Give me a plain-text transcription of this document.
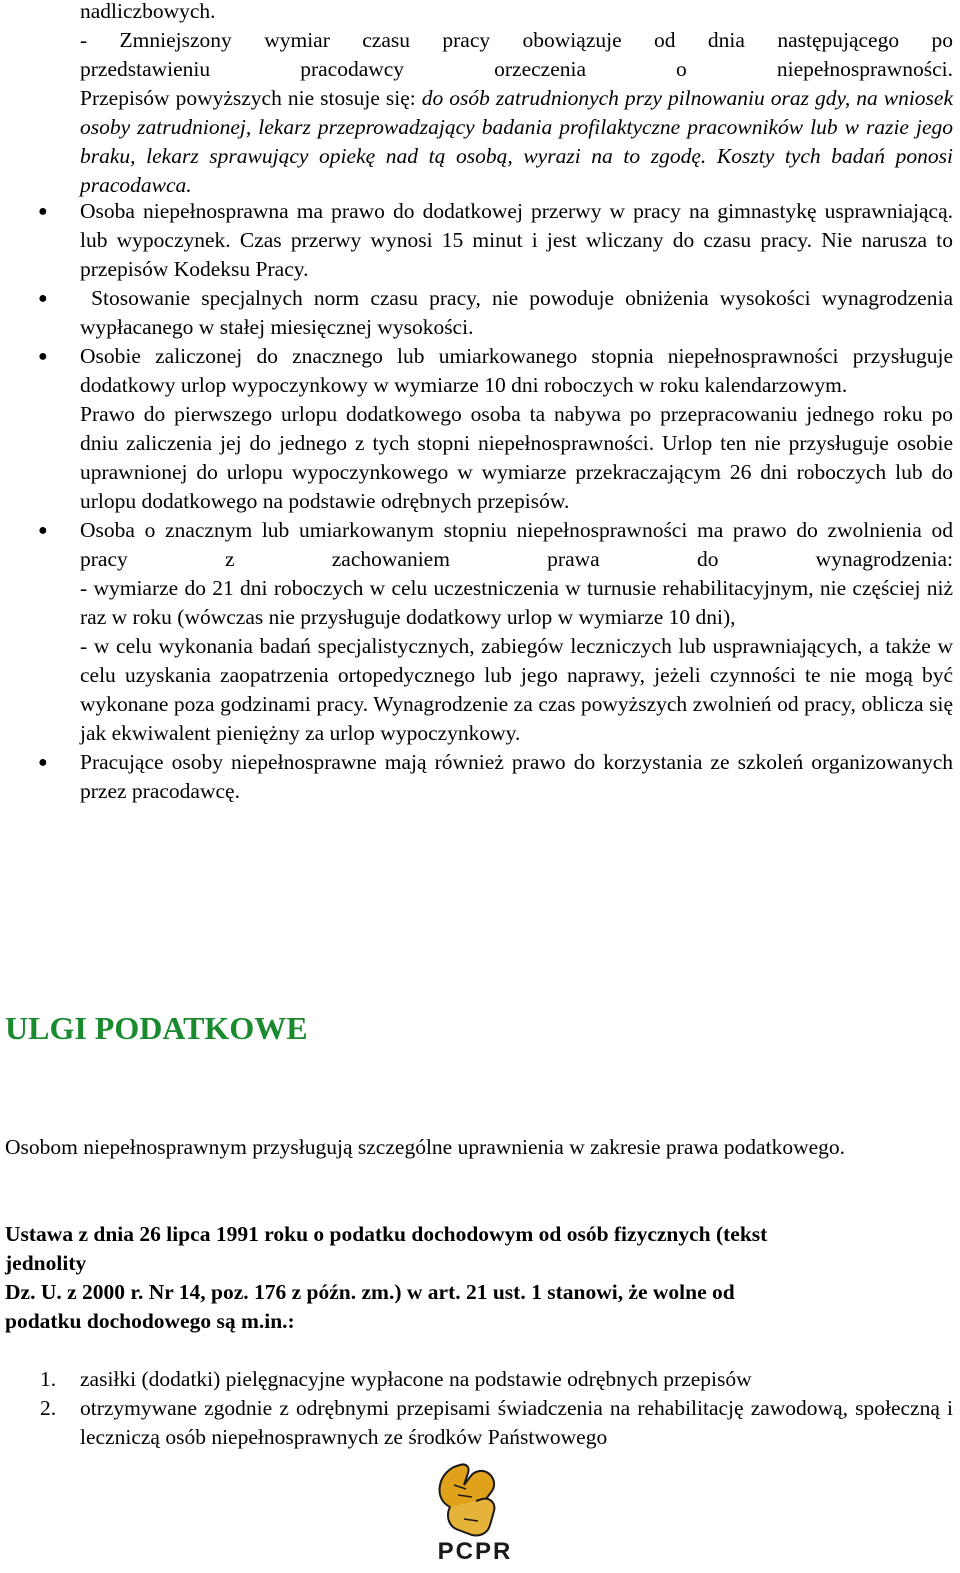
nadliczbowych.

- Zmniejszony wymiar czasu pracy obowiązuje od dnia następującego po

przedstawieniu pracodawcy orzeczenia o niepełnosprawności.

Przepisów powyższych nie stosuje się: do osób zatrudnionych przy pilnowaniu oraz gdy, na wniosek osoby zatrudnionej, lekarz przeprowadzający badania profilaktyczne pracowników lub w razie jego braku, lekarz sprawujący opiekę nad tą osobą, wyrazi na to zgodę. Koszty tych badań ponosi pracodawca.

● Osoba niepełnosprawna ma prawo do dodatkowej przerwy w pracy na gimnastykę usprawniającą. lub wypoczynek. Czas przerwy wynosi 15 minut i jest wliczany do czasu pracy. Nie narusza to przepisów Kodeksu Pracy.

● Stosowanie specjalnych norm czasu pracy, nie powoduje obniżenia wysokości wynagrodzenia wypłacanego w stałej miesięcznej wysokości.

● Osobie zaliczonej do znacznego lub umiarkowanego stopnia niepełnosprawności przysługuje dodatkowy urlop wypoczynkowy w wymiarze 10 dni roboczych w roku kalendarzowym.

Prawo do pierwszego urlopu dodatkowego osoba ta nabywa po przepracowaniu jednego roku po dniu zaliczenia jej do jednego z tych stopni niepełnosprawności. Urlop ten nie przysługuje osobie uprawnionej do urlopu wypoczynkowego w wymiarze przekraczającym 26 dni roboczych lub do urlopu dodatkowego na podstawie odrębnych przepisów.

● Osoba o znacznym lub umiarkowanym stopniu niepełnosprawności ma prawo do zwolnienia od pracy z zachowaniem prawa do wynagrodzenia:

- wymiarze do 21 dni roboczych w celu uczestniczenia w turnusie rehabilitacyjnym, nie częściej niż raz w roku (wówczas nie przysługuje dodatkowy urlop w wymiarze 10 dni),

- w celu wykonania badań specjalistycznych, zabiegów leczniczych lub usprawniających, a także w celu uzyskania zaopatrzenia ortopedycznego lub jego naprawy, jeżeli czynności te nie mogą być wykonane poza godzinami pracy. Wynagrodzenie za czas powyższych zwolnień od pracy, oblicza się jak ekwiwalent pieniężny za urlop wypoczynkowy.

● Pracujące osoby niepełnosprawne mają również prawo do korzystania ze szkoleń organizowanych przez pracodawcę.

ULGI PODATKOWE

Osobom niepełnosprawnym przysługują szczególne uprawnienia w zakresie prawa podatkowego.

Ustawa z dnia 26 lipca 1991 roku o podatku dochodowym od osób fizycznych (tekst

jednolity

Dz. U. z 2000 r. Nr 14, poz. 176 z późn. zm.) w art. 21 ust. 1 stanowi, że wolne od

podatku dochodowego są m.in.:

1. zasiłki (dodatki) pielęgnacyjne wypłacone na podstawie odrębnych przepisów

2. otrzymywane zgodnie z odrębnymi przepisami świadczenia na rehabilitację zawodową, społeczną i leczniczą osób niepełnosprawnych ze środków Państwowego

PCPR
